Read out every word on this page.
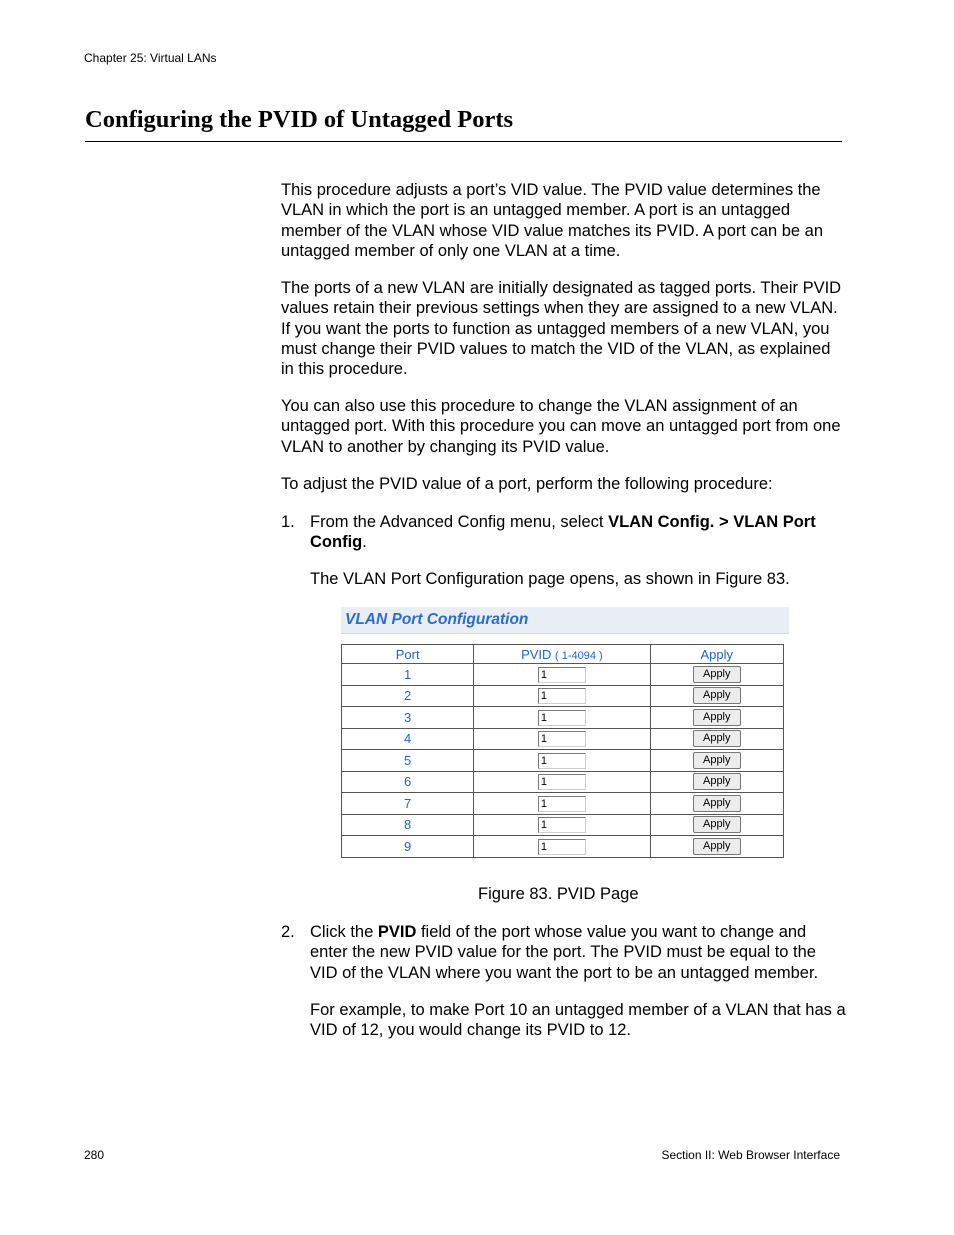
Chapter 25: Virtual LANs
Configuring the PVID of Untagged Ports
This procedure adjusts a port’s VID value. The PVID value determines the VLAN in which the port is an untagged member. A port is an untagged member of the VLAN whose VID value matches its PVID. A port can be an untagged member of only one VLAN at a time.
The ports of a new VLAN are initially designated as tagged ports. Their PVID values retain their previous settings when they are assigned to a new VLAN. If you want the ports to function as untagged members of a new VLAN, you must change their PVID values to match the VID of the VLAN, as explained in this procedure.
You can also use this procedure to change the VLAN assignment of an untagged port. With this procedure you can move an untagged port from one VLAN to another by changing its PVID value.
To adjust the PVID value of a port, perform the following procedure:
1. From the Advanced Config menu, select VLAN Config. > VLAN Port Config.
The VLAN Port Configuration page opens, as shown in Figure 83.
VLAN Port Configuration
Port	PVID ( 1-4094 )	Apply
1	1	Apply
2	1	Apply
3	1	Apply
4	1	Apply
5	1	Apply
6	1	Apply
7	1	Apply
8	1	Apply
9	1	Apply
Figure 83. PVID Page
2. Click the PVID field of the port whose value you want to change and enter the new PVID value for the port. The PVID must be equal to the VID of the VLAN where you want the port to be an untagged member.
For example, to make Port 10 an untagged member of a VLAN that has a VID of 12, you would change its PVID to 12.
280	Section II: Web Browser Interface
